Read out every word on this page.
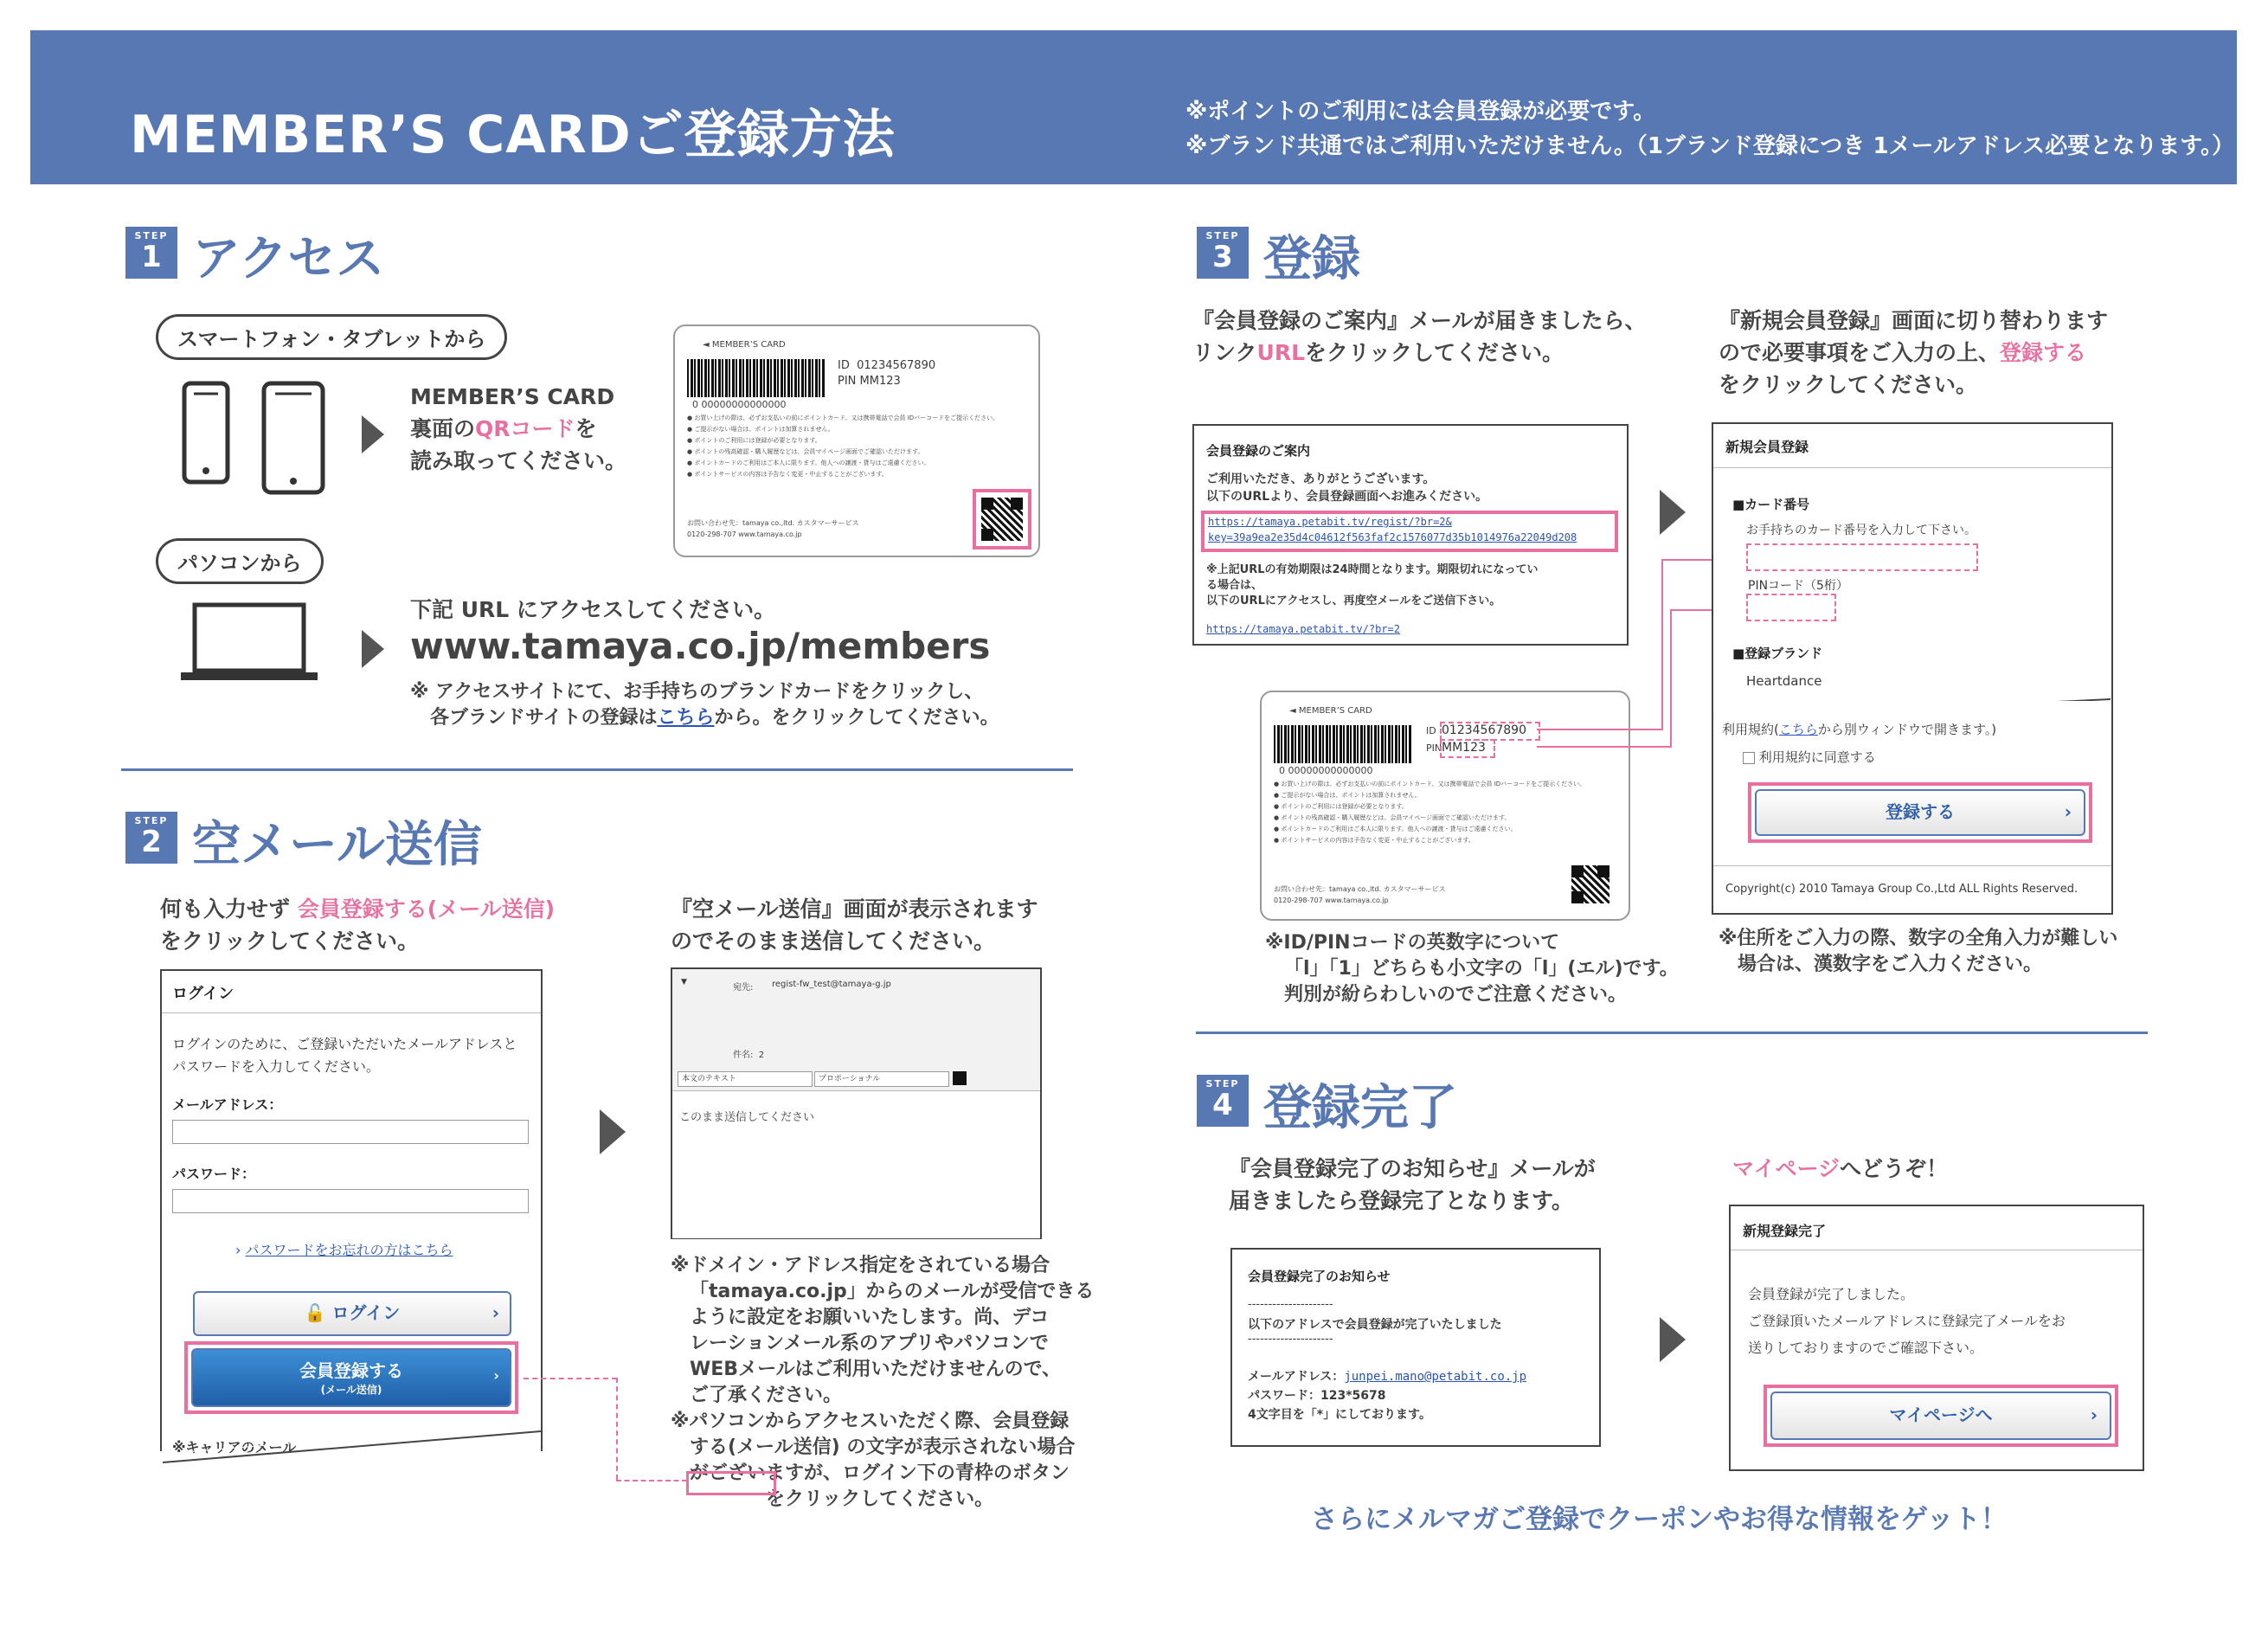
MEMBER’S CARDご登録方法	※ポイントのご利用には会員登録が必要です。
※ブランド共通ではご利用いただけません。（1ブランド登録につき 1メールアドレス必要となります。）
STEP
1 アクセス
スマートフォン・タブレットから
MEMBER’S CARD
裏面のQRコードを
読み取ってください。
◄ MEMBER’S CARD
0 00000000000000
ID 01234567890
PIN MM123
● お買い上げの際は、必ずお支払いの前にポイントカード、又は携帯電話で会員 IDバーコードをご提示ください。
● ご提示がない場合は、ポイントは加算されません。
● ポイントのご利用には登録が必要となります。
● ポイントの残高確認・購入履歴などは、会員マイページ画面でご確認いただけます。
● ポイントカードのご利用はご本人に限ります。他人への譲渡・貸与はご遠慮ください。
● ポイントサービスの内容は予告なく変更・中止することがございます。
お問い合わせ先：tamaya co.,ltd. カスタマーサービス
0120-298-707 www.tamaya.co.jp
パソコンから
下記 URL にアクセスしてください。
www.tamaya.co.jp/members
※ アクセスサイトにて、お手持ちのブランドカードをクリックし、
各ブランドサイトの登録はこちらから。をクリックしてください。
STEP
2 空メール送信
何も入力せず 会員登録する(メール送信)
をクリックしてください。
ログイン
ログインのために、ご登録いただいたメールアドレスと
パスワードを入力してください。
メールアドレス：
パスワード：
› パスワードをお忘れの方はこちら
🔓 ログイン	›
会員登録する
(メール送信)
›
※キャリアのメール
『空メール送信』画面が表示されます
のでそのまま送信してください。
▼
宛先: regist-fw_test@tamaya-g.jp
件名: 2
本文のテキスト	プロポーショナル
このまま送信してください
※ドメイン・アドレス指定をされている場合
「tamaya.co.jp」からのメールが受信できる
ように設定をお願いいたします。尚、デコ
レーションメール系のアプリやパソコンで
WEBメールはご利用いただけませんので、
ご了承ください。
※パソコンからアクセスいただく際、会員登録
する(メール送信) の文字が表示されない場合
がございますが、ログイン下の青枠のボタン
をクリックしてください。
STEP
3 登録
『会員登録のご案内』メールが届きましたら、
リンクURLをクリックしてください。
会員登録のご案内
ご利用いただき、ありがとうございます。
以下のURLより、会員登録画面へお進みください。
https://tamaya.petabit.tv/regist/?br=2&
key=39a9ea2e35d4c04612f563faf2c1576077d35b1014976a22049d208
※上記URLの有効期限は24時間となります。期限切れになってい
る場合は、
以下のURLにアクセスし、再度空メールをご送信下さい。
https://tamaya.petabit.tv/?br=2
◄ MEMBER’S CARD
0 00000000000000
ID 01234567890
PIN MM123
● お買い上げの際は、必ずお支払いの前にポイントカード、又は携帯電話で会員 IDバーコードをご提示ください。
● ご提示がない場合は、ポイントは加算されません。
● ポイントのご利用には登録が必要となります。
● ポイントの残高確認・購入履歴などは、会員マイページ画面でご確認いただけます。
● ポイントカードのご利用はご本人に限ります。他人への譲渡・貸与はご遠慮ください。
● ポイントサービスの内容は予告なく変更・中止することがございます。
お問い合わせ先：tamaya co.,ltd. カスタマーサービス
0120-298-707 www.tamaya.co.jp
※ID/PINコードの英数字について
「l」「1」どちらも小文字の「l」(エル)です。
判別が紛らわしいのでご注意ください。
『新規会員登録』画面に切り替わります
ので必要事項をご入力の上、登録する
をクリックしてください。
新規会員登録
■カード番号
お手持ちのカード番号を入力して下さい。
PINコード（5桁）
■登録ブランド
Heartdance
利用規約(こちらから別ウィンドウで開きます。)
利用規約に同意する
登録する	›
Copyright(c) 2010 Tamaya Group Co.,Ltd ALL Rights Reserved.
※住所をご入力の際、数字の全角入力が難しい
場合は、漢数字をご入力ください。
STEP
4 登録完了
『会員登録完了のお知らせ』メールが
届きましたら登録完了となります。
会員登録完了のお知らせ
---------------------
以下のアドレスで会員登録が完了いたしました
---------------------
メールアドレス：junpei.mano@petabit.co.jp
パスワード：123*5678
4文字目を「*」にしております。
マイページへどうぞ！
新規登録完了
会員登録が完了しました。
ご登録頂いたメールアドレスに登録完了メールをお
送りしておりますのでご確認下さい。
マイページへ	›
さらにメルマガご登録でクーポンやお得な情報をゲット！
